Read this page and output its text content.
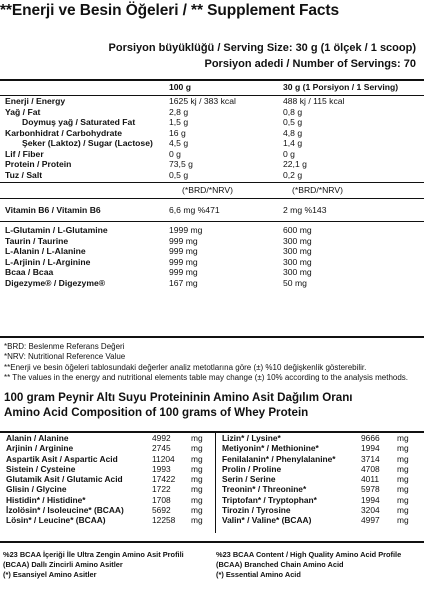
**Enerji ve Besin Öğeleri / ** Supplement Facts
Porsiyon büyüklüğü / Serving Size: 30 g (1 ölçek / 1 scoop)
Porsiyon adedi / Number of Servings: 70
100 g	30 g (1 Porsiyon / 1 Serving)
Enerji / Energy	1625 kj / 383 kcal	488 kj / 115 kcal
Yağ / Fat	2,8 g	0,8 g
Doymuş yağ / Saturated Fat	1,5 g	0,5 g
Karbonhidrat / Carbohydrate	16 g	4,8 g
Şeker (Laktoz) / Sugar (Lactose) 4,5 g	1,4 g
Lif / Fiber	0 g	0 g
Protein / Protein	73,5 g	22,1 g
Tuz / Salt	0,5 g	0,2 g
(*BRD/*NRV)	(*BRD/*NRV)
Vitamin B6 / Vitamin B6	6,6 mg %471	2 mg %143
L-Glutamin / L-Glutamine	1999 mg	600 mg
Taurin / Taurine	999 mg	300 mg
L-Alanin / L-Alanine	999 mg	300 mg
L-Arjinin / L-Arginine	999 mg	300 mg
Bcaa / Bcaa	999 mg	300 mg
Digezyme® / Digezyme®	167 mg	50 mg
*BRD: Beslenme Referans Değeri
*NRV: Nutritional Reference Value
**Enerji ve besin öğeleri tablosundaki değerler analiz metotlarına göre (±) %10 değişkenlik gösterebilir.
** The values in the energy and nutritional elements table may change (±) 10% according to the analysis methods.
100 gram Peynir Altı Suyu Proteininin Amino Asit Dağılım Oranı
Amino Acid Composition of 100 grams of Whey Protein
Alanin / Alanine	4992 mg
Arjinin / Arginine	2745 mg
Aspartik Asit / Aspartic Acid	11204 mg
Sistein / Cysteine	1993 mg
Glutamik Asit / Glutamic Acid	17422 mg
Glisin / Glycine	1722 mg
Histidin* / Histidine*	1708 mg
İzolösin* / Isoleucine* (BCAA)	5692 mg
Lösin* / Leucine* (BCAA)	12258 mg
Lizin* / Lysine*	9666 mg
Metiyonin* / Methionine*	1994 mg
Fenilalanin* / Phenylalanine*	3714 mg
Prolin / Proline	4708 mg
Serin / Serine	4011 mg
Treonin* / Threonine*	5978 mg
Triptofan* / Tryptophan*	1994 mg
Tirozin / Tyrosine	3204 mg
Valin* / Valine* (BCAA)	4997 mg
%23 BCAA İçeriği İle Ultra Zengin Amino Asit Profili
(BCAA) Dallı Zincirli Amino Asitler
(*) Esansiyel Amino Asitler
%23 BCAA Content / High Quality Amino Acid Profile
(BCAA) Branched Chain Amino Acid
(*) Essential Amino Acid
